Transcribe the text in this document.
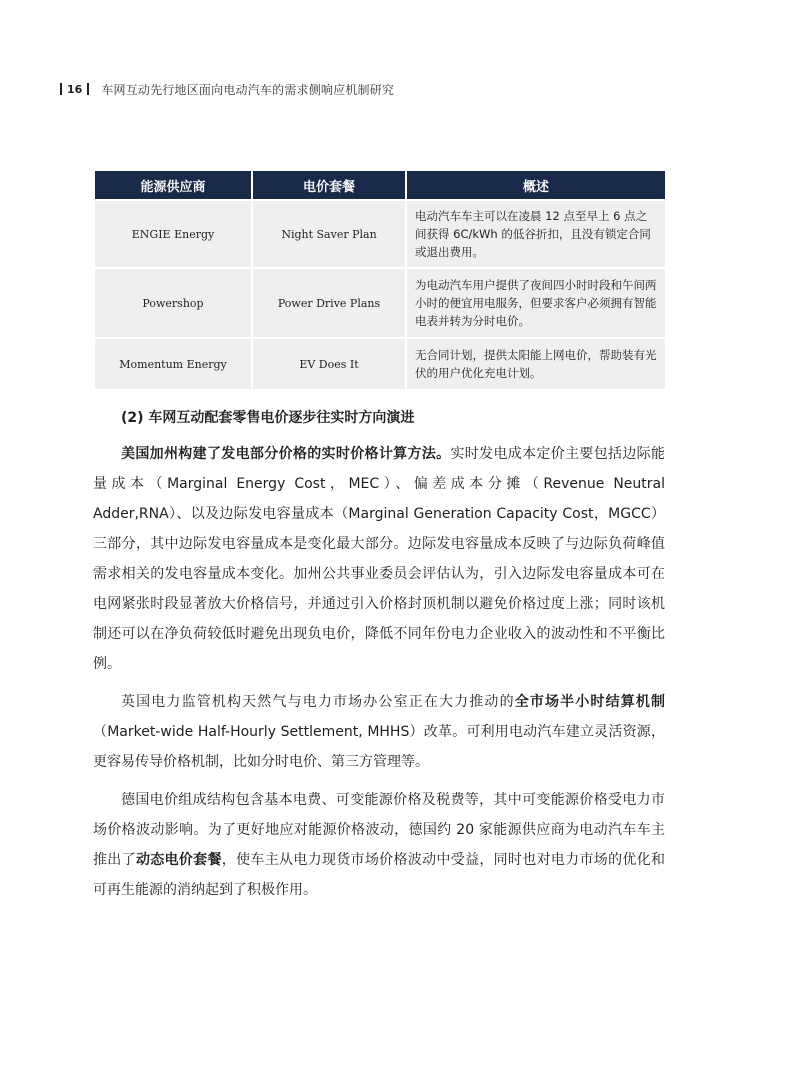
16 车网互动先行地区面向电动汽车的需求侧响应机制研究
能源供应商	电价套餐	概述
ENGIE Energy	Night Saver Plan	电动汽车车主可以在凌晨 12 点至早上 6 点之间获得 6C/kWh 的低谷折扣，且没有锁定合同或退出费用。
Powershop	Power Drive Plans	为电动汽车用户提供了夜间四小时时段和午间两小时的便宜用电服务，但要求客户必须拥有智能电表并转为分时电价。
Momentum Energy	EV Does It	无合同计划，提供太阳能上网电价，帮助装有光伏的用户优化充电计划。

(2) 车网互动配套零售电价逐步往实时方向演进

美国加州构建了发电部分价格的实时价格计算方法。实时发电成本定价主要包括边际能量成本（Marginal Energy Cost，MEC）、偏差成本分摊（Revenue Neutral Adder,RNA）、以及边际发电容量成本（Marginal Generation Capacity Cost，MGCC）三部分，其中边际发电容量成本是变化最大部分。边际发电容量成本反映了与边际负荷峰值需求相关的发电容量成本变化。加州公共事业委员会评估认为，引入边际发电容量成本可在电网紧张时段显著放大价格信号，并通过引入价格封顶机制以避免价格过度上涨；同时该机制还可以在净负荷较低时避免出现负电价，降低不同年份电力企业收入的波动性和不平衡比例。

英国电力监管机构天然气与电力市场办公室正在大力推动的全市场半小时结算机制（Market-wide Half-Hourly Settlement, MHHS）改革。可利用电动汽车建立灵活资源，更容易传导价格机制，比如分时电价、第三方管理等。

德国电价组成结构包含基本电费、可变能源价格及税费等，其中可变能源价格受电力市场价格波动影响。为了更好地应对能源价格波动，德国约 20 家能源供应商为电动汽车车主推出了动态电价套餐，使车主从电力现货市场价格波动中受益，同时也对电力市场的优化和可再生能源的消纳起到了积极作用。
